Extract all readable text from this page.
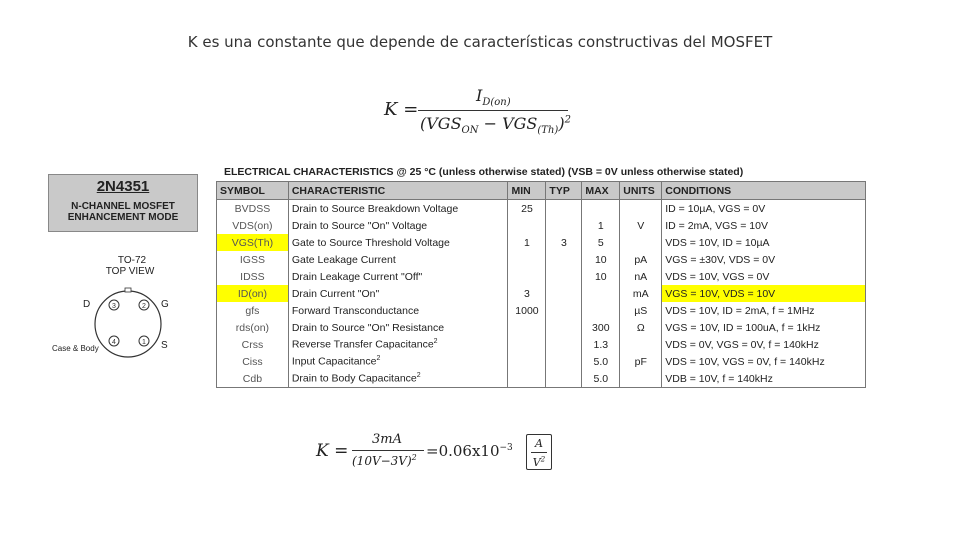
K es una constante que depende de características constructivas del MOSFET
K =
$I_{D(on)}$
$(VGS_{ON} - VGS_{(Th)})^2$
2N4351
N-CHANNEL MOSFET
ENHANCEMENT MODE
TO-72
TOP VIEW
3	2
4	1
D	G
Case & Body	S
ELECTRICAL CHARACTERISTICS @ 25 °C (unless otherwise stated) (VSB = 0V unless otherwise stated)
SYMBOL	CHARACTERISTIC	MIN	TYP	MAX	UNITS	CONDITIONS
BVDSS	Drain to Source Breakdown Voltage	25				ID = 10µA, VGS = 0V
VDS(on)	Drain to Source "On" Voltage			1	V	ID = 2mA, VGS = 10V
VGS(Th)	Gate to Source Threshold Voltage	1	3	5		VDS = 10V, ID = 10µA
IGSS	Gate Leakage Current			10	pA	VGS = ±30V, VDS = 0V
IDSS	Drain Leakage Current "Off"			10	nA	VDS = 10V, VGS = 0V
ID(on)	Drain Current "On"	3			mA	VGS = 10V, VDS = 10V
gfs	Forward Transconductance	1000			µS	VDS = 10V, ID = 2mA, f = 1MHz
rds(on)	Drain to Source "On" Resistance			300	Ω	VGS = 10V, ID = 100uA, f = 1kHz
Crss	Reverse Transfer Capacitance$^2$			1.3		VDS = 0V, VGS = 0V, f = 140kHz
Ciss	Input Capacitance$^2$			5.0	pF	VDS = 10V, VGS = 0V, f = 140kHz
Cdb	Drain to Body Capacitance$^2$			5.0		VDB = 10V, f = 140kHz
K =
3mA
$(10V-3V)^2 =0.06x10^{-3}$	A
$V^2$
